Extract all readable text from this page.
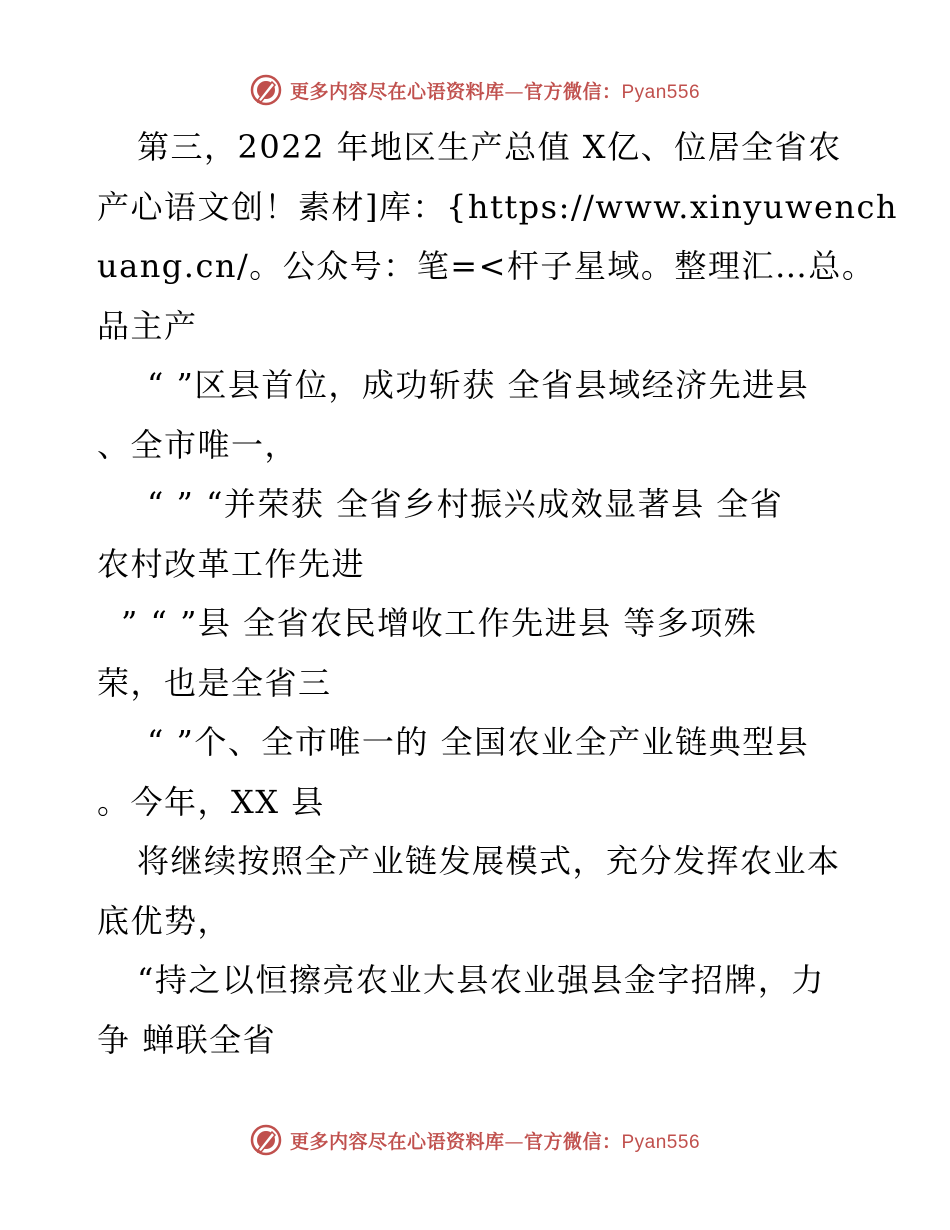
更多内容尽在心语资料库—官方微信：Pyan556
第三，2022 年地区生产总值 X亿、位居全省农
产心语文创！素材]库：{https://www.xinyuwench
uang.cn/。公众号：笔=<杆子星域。整理汇…总。
品主产
“ ”区县首位，成功斩获 全省县域经济先进县
、全市唯一，
“ ” “并荣获 全省乡村振兴成效显著县 全省
农村改革工作先进
” “ ”县 全省农民增收工作先进县 等多项殊
荣，也是全省三
“ ”个、全市唯一的 全国农业全产业链典型县
。今年，XX 县
将继续按照全产业链发展模式，充分发挥农业本
底优势，
“持之以恒擦亮农业大县农业强县金字招牌，力
争 蝉联全省
更多内容尽在心语资料库—官方微信：Pyan556
